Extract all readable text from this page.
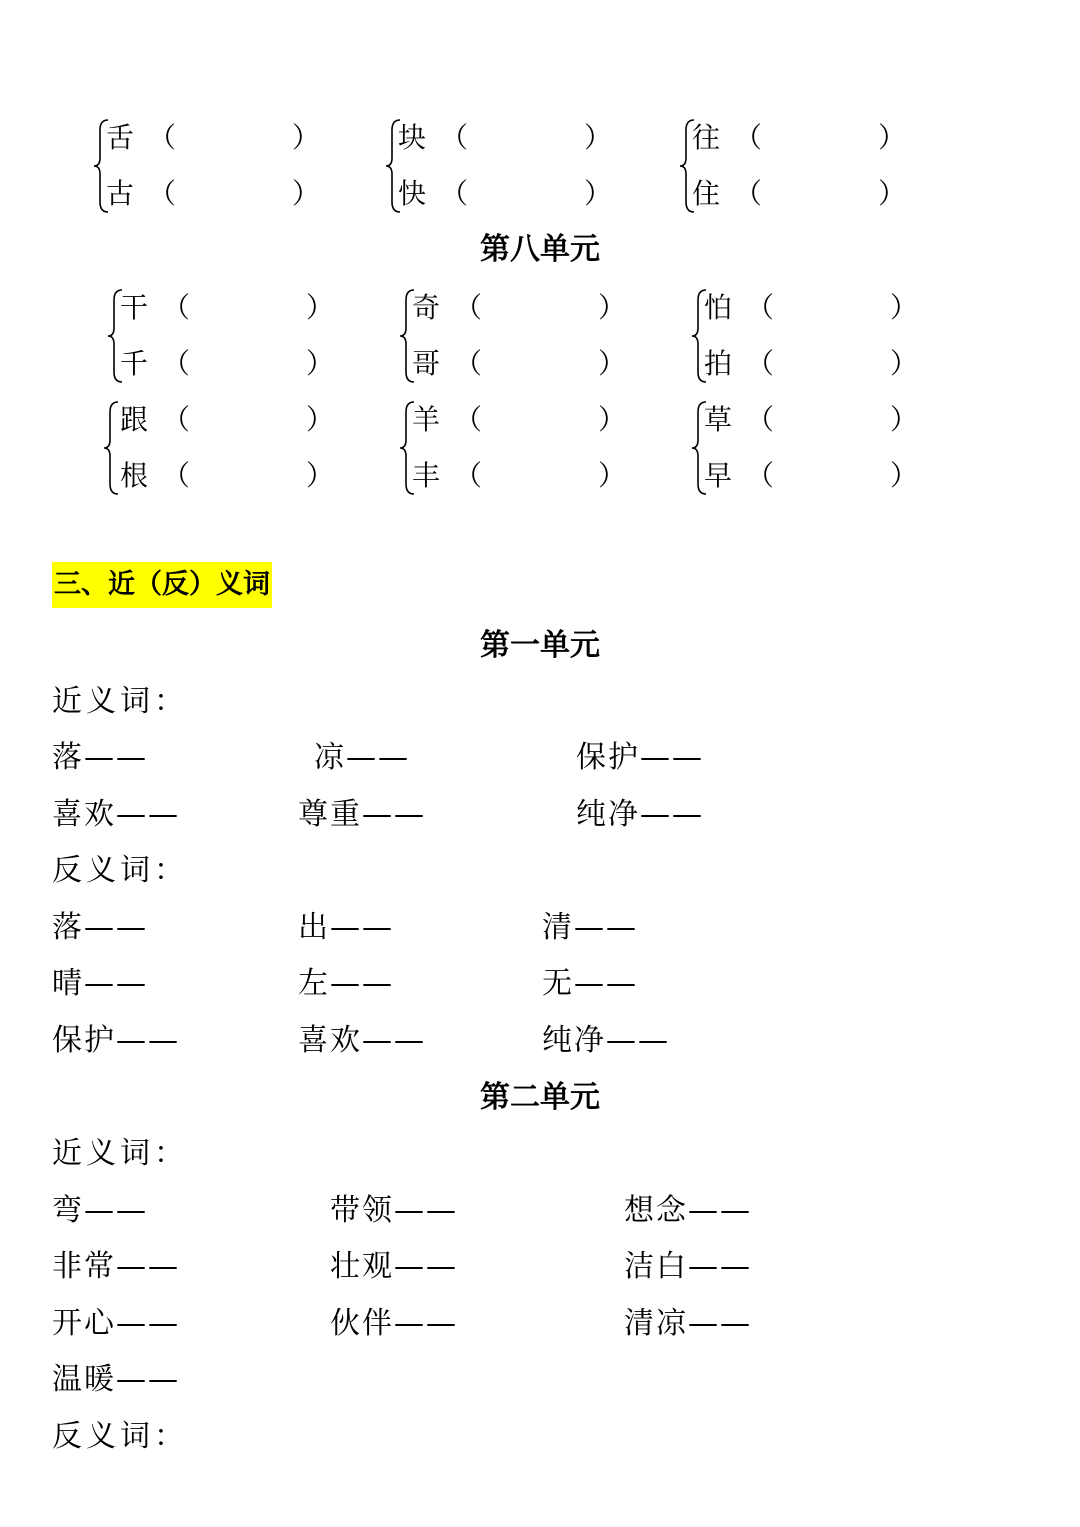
舌 （	）
古 （	）
块 （	）
快 （	）
往 （	）
住 （	）
第八单元
干 （	）
千 （	）
奇 （	）
哥 （	）
怕 （	）
拍 （	）
跟 （	）
根 （	）
羊 （	）
丰 （	）
草 （	）
早 （	）
三、近（反）义词
第一单元
近义词：
落——	凉——	保护——
喜欢——	尊重——	纯净——
反义词：
落——	出——	清——
晴——	左——	无——
保护——	喜欢——	纯净——
第二单元
近义词：
弯——	带领——	想念——
非常——	壮观——	洁白——
开心——	伙伴——	清凉——
温暖——
反义词：
